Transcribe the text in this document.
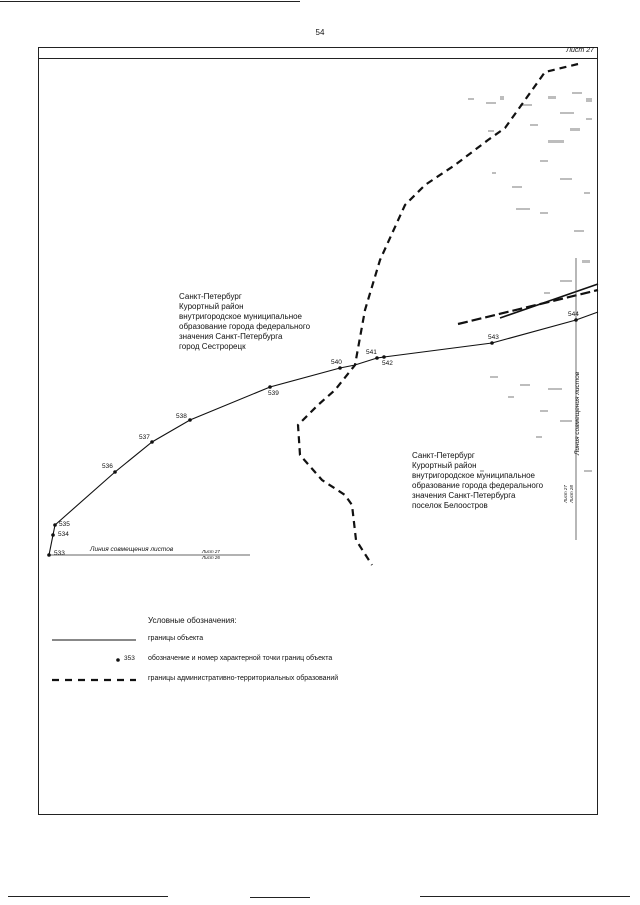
54
Лист 27
Санкт-Петербург
Курортный район
внутригородское муниципальное
образование города федерального
значения Санкт-Петербурга
город Сестрорецк
Санкт-Петербург
Курортный район
внутригородское муниципальное
образование города федерального
значения Санкт-Петербурга
поселок Белоостров
533
534
535
536
537
538
539
540
541
542
543
544
Линия совмещения листов	Лист 27
Лист 26
Линия совмещения листов
Лист 27 Лист 28
Условные обозначения:
границы объекта
353 обозначение и номер характерной точки границ объекта
границы административно-территориальных образований
